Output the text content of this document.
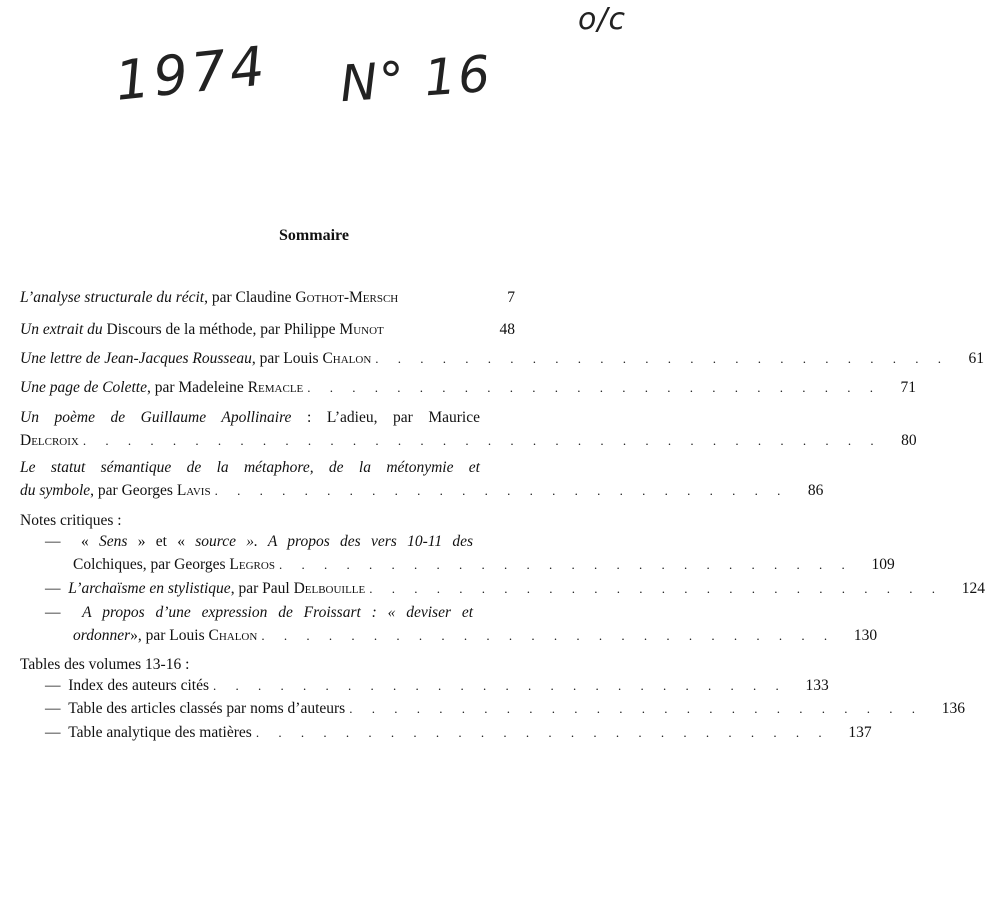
o/c
1974 N° 16
Sommaire
L’analyse structurale du récit , par Claudine
Gothot-Mersch	7
Un extrait du
Discours de la méthode , par Philippe
Munot	48
Une lettre de Jean-Jacques Rousseau , par Louis
Chalon . . . . . . . . . . . . . . . . . . . . . . . . . .	61
Une page de Colette , par Madeleine
Remacle . . . . . . . . . . . . . . . . . . . . . . . . . .	71
Un poème de Guillaume Apollinaire : L’adieu, par Maurice
Delcroix . . . . . . . . . . . . . . . . . . . . . . . . . . . . . . . . . . . .	80
Le statut sémantique de la métaphore, de la métonymie et
du symbole , par Georges
Lavis . . . . . . . . . . . . . . . . . . . . . . . . . .	86
Notes critiques :
— « Sens » et « source ». A propos des vers 10-11 des
Colchiques , par Georges
Legros . . . . . . . . . . . . . . . . . . . . . . . . . .	109
—
L’archaïsme en stylistique , par Paul
Delbouille . . . . . . . . . . . . . . . . . . . . . . . . . .	124
— A propos d’une expression de Froissart : « deviser et
ordonner » , par Louis
Chalon . . . . . . . . . . . . . . . . . . . . . . . . . .	130
Tables des volumes 13-16 :
—
Index des auteurs cités . . . . . . . . . . . . . . . . . . . . . . . . . .	133
—
Table des articles classés par noms d’auteurs . . . . . . . . . . . . . . . . . . . . . . . . . .	136
—
Table analytique des matières . . . . . . . . . . . . . . . . . . . . . . . . . .	137
